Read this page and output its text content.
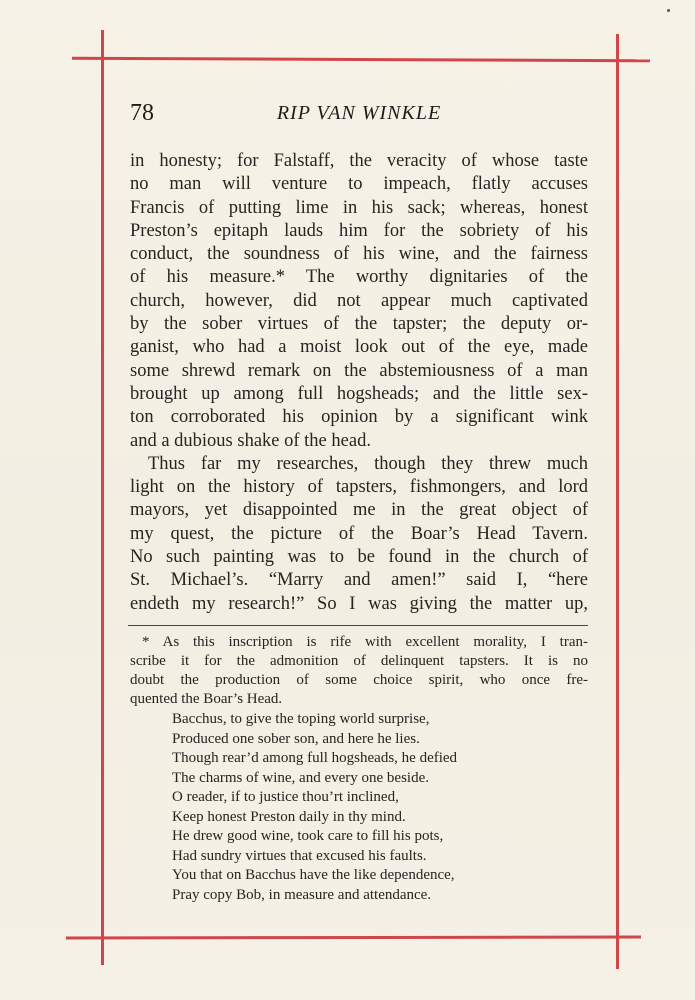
78	RIP VAN WINKLE
in honesty; for Falstaff, the veracity of whose taste
no man will venture to impeach, flatly accuses
Francis of putting lime in his sack; whereas, honest
Preston’s epitaph lauds him for the sobriety of his
conduct, the soundness of his wine, and the fairness
of his measure.* The worthy dignitaries of the
church, however, did not appear much captivated
by the sober virtues of the tapster; the deputy or-
ganist, who had a moist look out of the eye, made
some shrewd remark on the abstemiousness of a man
brought up among full hogsheads; and the little sex-
ton corroborated his opinion by a significant wink
and a dubious shake of the head.
Thus far my researches, though they threw much
light on the history of tapsters, fishmongers, and lord
mayors, yet disappointed me in the great object of
my quest, the picture of the Boar’s Head Tavern.
No such painting was to be found in the church of
St. Michael’s. “Marry and amen!” said I, “here
endeth my research!” So I was giving the matter up,
* As this inscription is rife with excellent morality, I tran-
scribe it for the admonition of delinquent tapsters. It is no
doubt the production of some choice spirit, who once fre-
quented the Boar’s Head.
Bacchus, to give the toping world surprise,
Produced one sober son, and here he lies.
Though rear’d among full hogsheads, he defied
The charms of wine, and every one beside.
O reader, if to justice thou’rt inclined,
Keep honest Preston daily in thy mind.
He drew good wine, took care to fill his pots,
Had sundry virtues that excused his faults.
You that on Bacchus have the like dependence,
Pray copy Bob, in measure and attendance.
